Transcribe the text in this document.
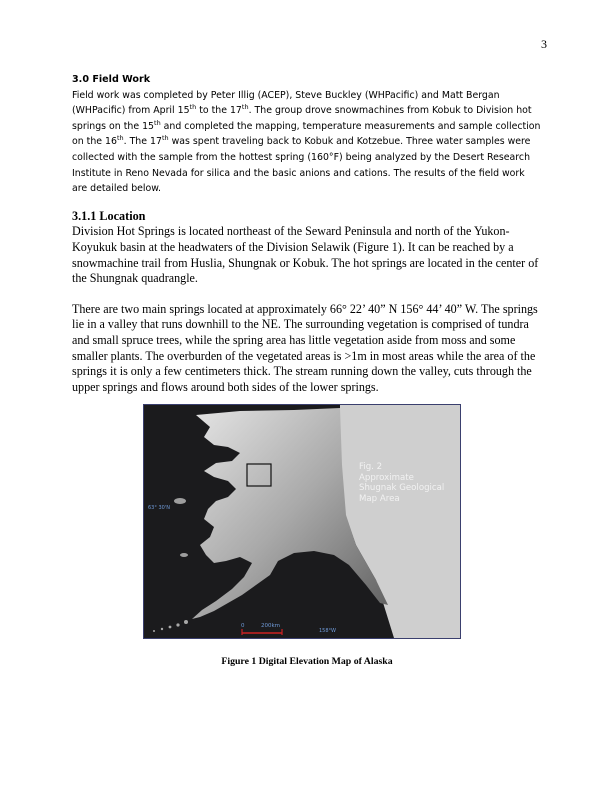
3
3.0 Field Work

Field work was completed by Peter Illig (ACEP), Steve Buckley (WHPacific) and Matt Bergan (WHPacific) from April 15th to the 17th. The group drove snowmachines from Kobuk to Division hot springs on the 15th and completed the mapping, temperature measurements and sample collection on the 16th. The 17th was spent traveling back to Kobuk and Kotzebue. Three water samples were collected with the sample from the hottest spring (160°F) being analyzed by the Desert Research Institute in Reno Nevada for silica and the basic anions and cations. The results of the field work are detailed below.

3.1.1 Location

Division Hot Springs is located northeast of the Seward Peninsula and north of the Yukon-Koyukuk basin at the headwaters of the Division Selawik (Figure 1). It can be reached by a snowmachine trail from Huslia, Shungnak or Kobuk. The hot springs are located in the center of the Shungnak quadrangle.

There are two main springs located at approximately 66° 22’ 40” N 156° 44’ 40” W. The springs lie in a valley that runs downhill to the NE. The surrounding vegetation is comprised of tundra and small spruce trees, while the spring area has little vegetation aside from moss and some smaller plants. The overburden of the vegetated areas is >1m in most areas while the area of the springs it is only a few centimeters thick. The stream running down the valley, cuts through the upper springs and flows around both sides of the lower springs.

Fig. 2
Approximate
Shugnak Geological
Map Area
63° 30'N
0	200km
158°W
Figure 1 Digital Elevation Map of Alaska
